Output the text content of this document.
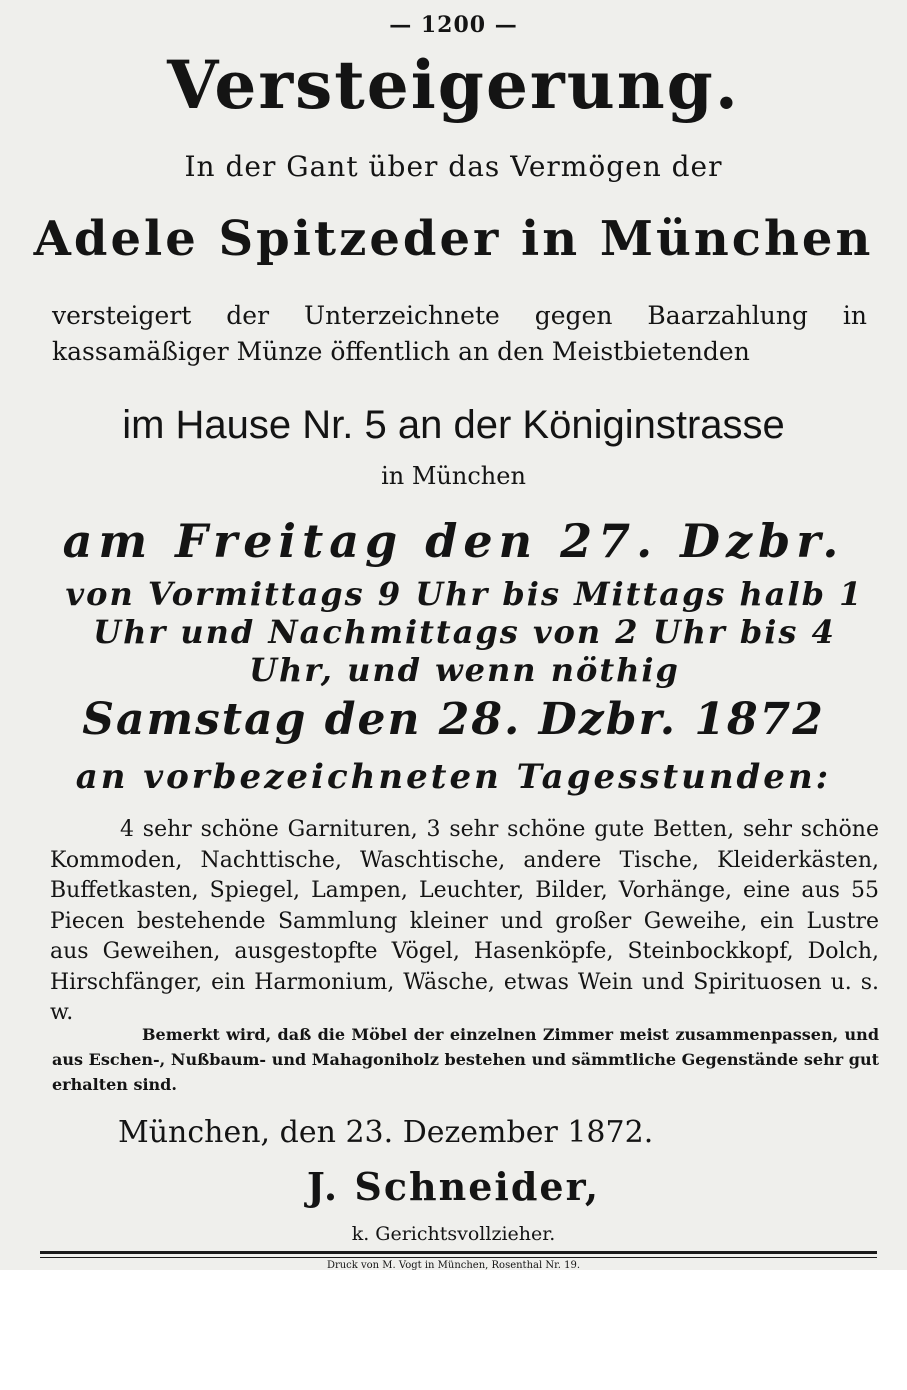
— 1200 —
Versteigerung.
In der Gant über das Vermögen der
Adele Spitzeder in München
versteigert der Unterzeichnete gegen Baarzahlung in kassamäßiger Münze öffentlich an den Meistbietenden
im Hause Nr. 5 an der Königinstrasse
in München
am Freitag den 27. Dzbr.
von Vormittags 9 Uhr bis Mittags halb 1 Uhr und Nachmittags von 2 Uhr bis 4 Uhr, und wenn nöthig
Samstag den 28. Dzbr. 1872
an vorbezeichneten Tagesstunden:
4 sehr schöne Garnituren, 3 sehr schöne gute Betten, sehr schöne Kommoden, Nachttische, Waschtische, andere Tische, Kleiderkästen, Buffetkasten, Spiegel, Lampen, Leuchter, Bilder, Vorhänge, eine aus 55 Piecen bestehende Sammlung kleiner und großer Geweihe, ein Lustre aus Geweihen, ausgestopfte Vögel, Hasenköpfe, Steinbockkopf, Dolch, Hirschfänger, ein Harmonium, Wäsche, etwas Wein und Spirituosen u. s. w.
Bemerkt wird, daß die Möbel der einzelnen Zimmer meist zusammenpassen, und aus Eschen-, Nußbaum- und Mahagoniholz bestehen und sämmtliche Gegenstände sehr gut erhalten sind.
München, den 23. Dezember 1872.
J. Schneider,
k. Gerichtsvollzieher.
Druck von M. Vogt in München, Rosenthal Nr. 19.
